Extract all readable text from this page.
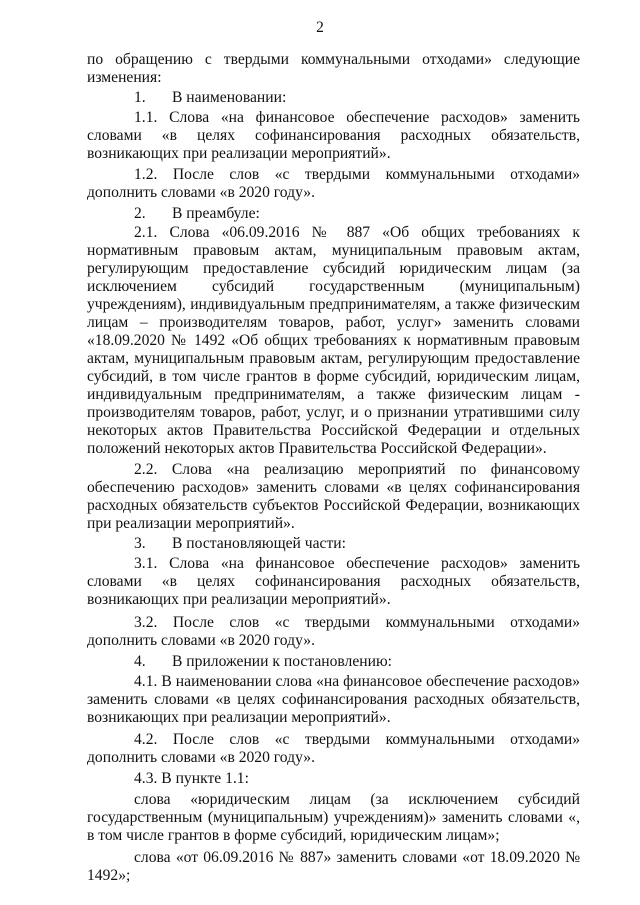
2

по обращению с твердыми коммунальными отходами» следующие изменения:

1. В наименовании:

1.1. Слова «на финансовое обеспечение расходов» заменить словами «в целях софинансирования расходных обязательств, возникающих при реализации мероприятий».

1.2. После слов «с твердыми коммунальными отходами» дополнить словами «в 2020 году».

2. В преамбуле:

2.1. Слова «06.09.2016 № 887 «Об общих требованиях к нормативным правовым актам, муниципальным правовым актам, регулирующим предоставление субсидий юридическим лицам (за исключением субсидий государственным (муниципальным) учреждениям), индивидуальным предпринимателям, а также физическим лицам – производителям товаров, работ, услуг» заменить словами «18.09.2020 № 1492 «Об общих требованиях к нормативным правовым актам, муниципальным правовым актам, регулирующим предоставление субсидий, в том числе грантов в форме субсидий, юридическим лицам, индивидуальным предпринимателям, а также физическим лицам - производителям товаров, работ, услуг, и о признании утратившими силу некоторых актов Правительства Российской Федерации и отдельных положений некоторых актов Правительства Российской Федерации».

2.2. Слова «на реализацию мероприятий по финансовому обеспечению расходов» заменить словами «в целях софинансирования расходных обязательств субъектов Российской Федерации, возникающих при реализации мероприятий».

3. В постановляющей части:

3.1. Слова «на финансовое обеспечение расходов» заменить словами «в целях софинансирования расходных обязательств, возникающих при реализации мероприятий».

3.2. После слов «с твердыми коммунальными отходами» дополнить словами «в 2020 году».

4. В приложении к постановлению:

4.1. В наименовании слова «на финансовое обеспечение расходов» заменить словами «в целях софинансирования расходных обязательств, возникающих при реализации мероприятий».

4.2. После слов «с твердыми коммунальными отходами» дополнить словами «в 2020 году».

4.3. В пункте 1.1:

слова «юридическим лицам (за исключением субсидий государственным (муниципальным) учреждениям)» заменить словами «, в том числе грантов в форме субсидий, юридическим лицам»;

слова «от 06.09.2016 № 887» заменить словами «от 18.09.2020 № 1492»;
